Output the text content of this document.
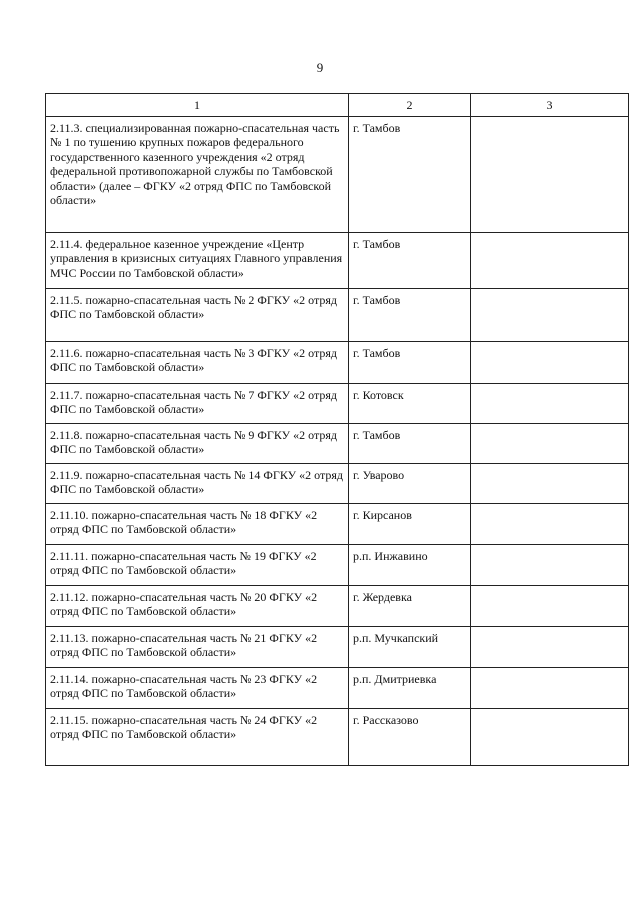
9
1	2	3
2.11.3. специализированная пожарно-спасательная часть № 1 по тушению крупных пожаров федерального государственного казенного учреждения «2 отряд федеральной противопожарной службы по Тамбовской области» (далее – ФГКУ «2 отряд ФПС по Тамбовской области»	г. Тамбов	
2.11.4. федеральное казенное учреждение «Центр управления в кризисных ситуациях Главного управления МЧС России по Тамбовской области»	г. Тамбов	
2.11.5. пожарно-спасательная часть № 2 ФГКУ «2 отряд ФПС по Тамбовской области»	г. Тамбов	
2.11.6. пожарно-спасательная часть № 3 ФГКУ «2 отряд ФПС по Тамбовской области»	г. Тамбов	
2.11.7. пожарно-спасательная часть № 7 ФГКУ «2 отряд ФПС по Тамбовской области»	г. Котовск	
2.11.8. пожарно-спасательная часть № 9 ФГКУ «2 отряд ФПС по Тамбовской области»	г. Тамбов	
2.11.9. пожарно-спасательная часть № 14 ФГКУ «2 отряд ФПС по Тамбовской области»	г. Уварово	
2.11.10. пожарно-спасательная часть № 18 ФГКУ «2 отряд ФПС по Тамбовской области»	г. Кирсанов	
2.11.11. пожарно-спасательная часть № 19 ФГКУ «2 отряд ФПС по Тамбовской области»	р.п. Инжавино	
2.11.12. пожарно-спасательная часть № 20 ФГКУ «2 отряд ФПС по Тамбовской области»	г. Жердевка	
2.11.13. пожарно-спасательная часть № 21 ФГКУ «2 отряд ФПС по Тамбовской области»	р.п. Мучкапский	
2.11.14. пожарно-спасательная часть № 23 ФГКУ «2 отряд ФПС по Тамбовской области»	р.п. Дмитриевка	
2.11.15. пожарно-спасательная часть № 24 ФГКУ «2 отряд ФПС по Тамбовской области»	г. Рассказово	
